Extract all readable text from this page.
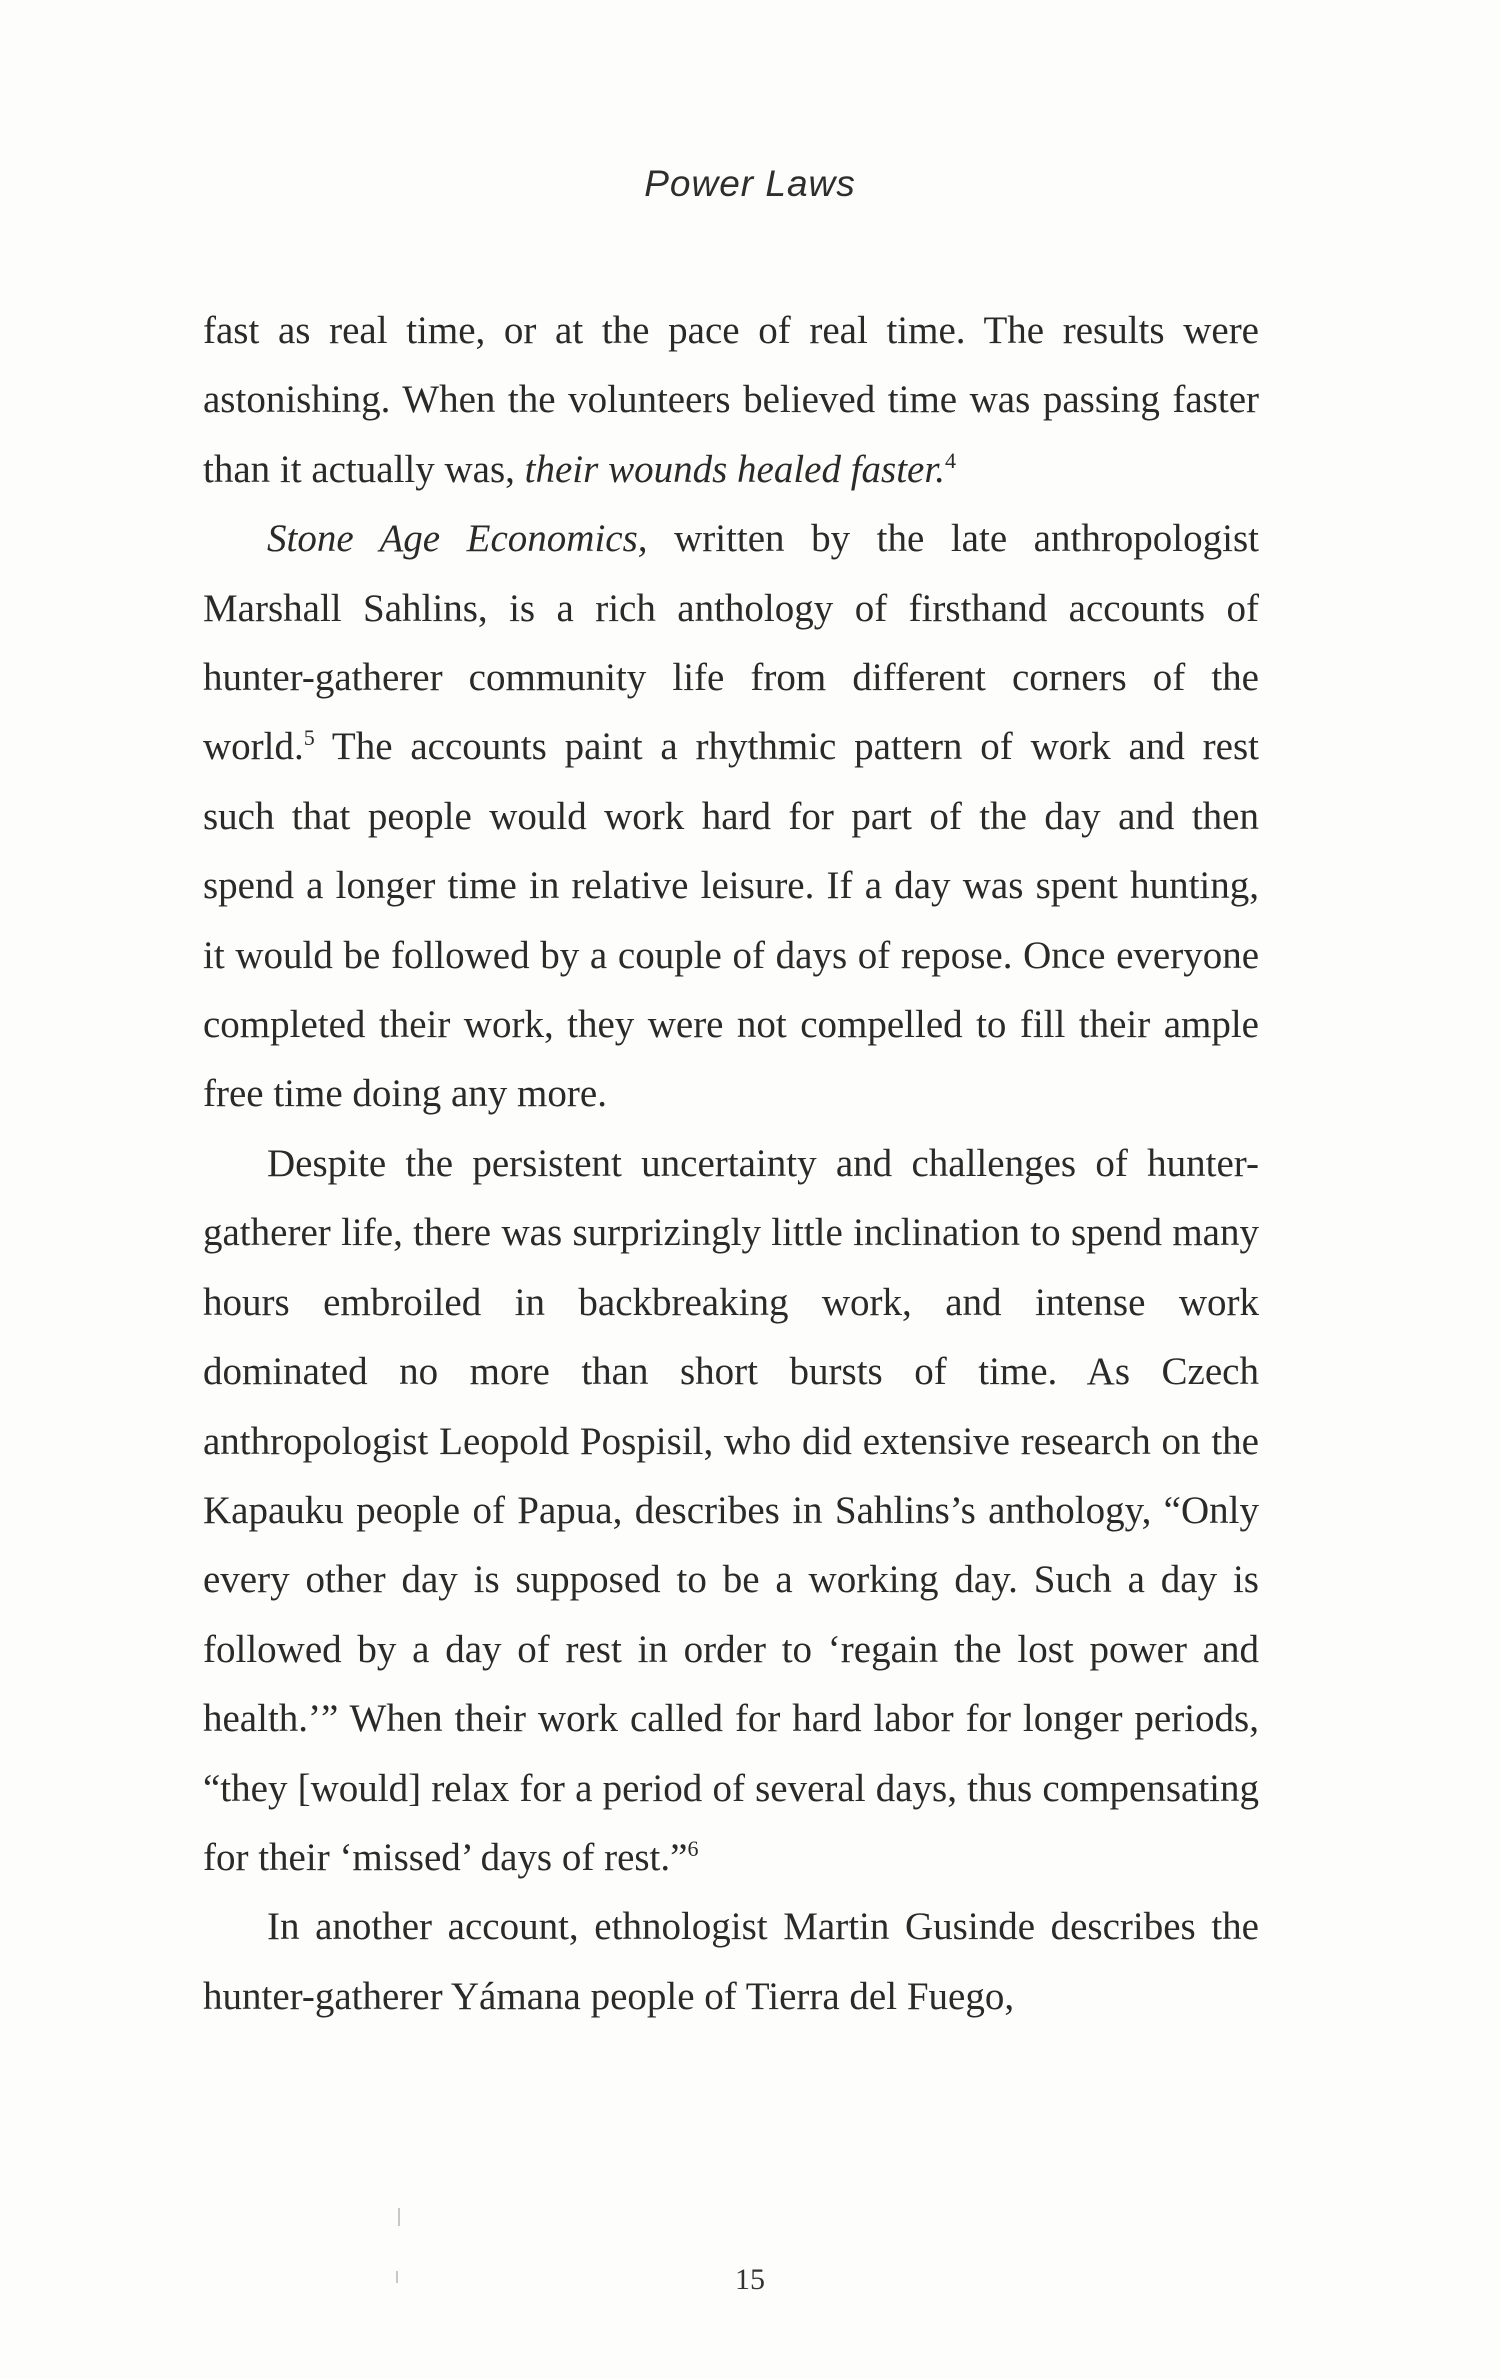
Power Laws

fast as real time, or at the pace of real time. The results were astonishing. When the volunteers believed time was passing faster than it actually was, their wounds healed faster.$^4$

Stone Age Economics, written by the late anthropologist Marshall Sahlins, is a rich anthology of firsthand accounts of hunter-gatherer community life from different corners of the world.$^5$ The accounts paint a rhythmic pattern of work and rest such that people would work hard for part of the day and then spend a longer time in relative leisure. If a day was spent hunting, it would be followed by a couple of days of repose. Once everyone completed their work, they were not compelled to fill their ample free time doing any more.

Despite the persistent uncertainty and challenges of hunter-gatherer life, there was surprizingly little inclination to spend many hours embroiled in backbreaking work, and intense work dominated no more than short bursts of time. As Czech anthropologist Leopold Pospisil, who did extensive research on the Kapauku people of Papua, describes in Sahlins’s anthology, “Only every other day is supposed to be a working day. Such a day is followed by a day of rest in order to ‘regain the lost power and health.’” When their work called for hard labor for longer periods, “they [would] relax for a period of several days, thus compensating for their ‘missed’ days of rest.”$^6$

In another account, ethnologist Martin Gusinde describes the hunter-gatherer Yámana people of Tierra del Fuego,

15
